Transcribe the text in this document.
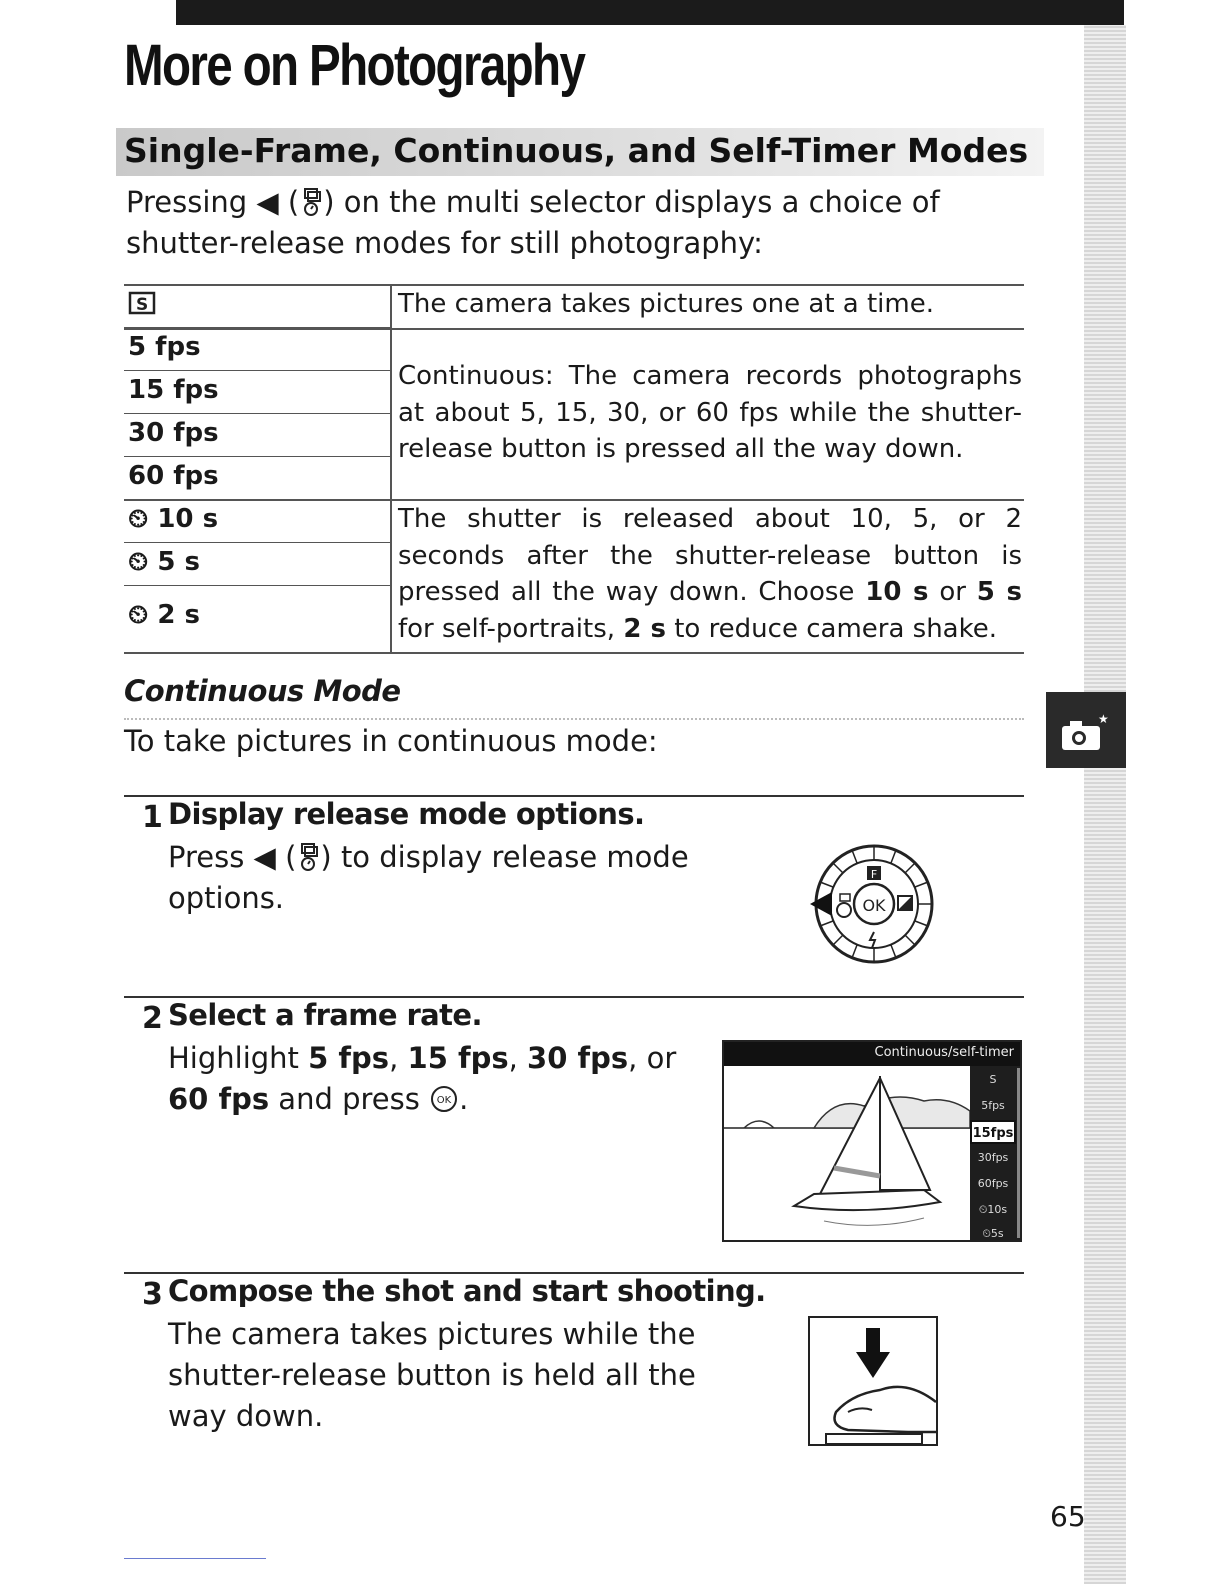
★
More on Photography
Single-Frame, Continuous, and Self-Timer Modes

Pressing ◀ ( ) on the multi selector displays a choice of shutter-release modes for still photography:

S
5 fps
15 fps
30 fps
60 fps
⏲ 10 s
⏲ 5 s
⏲ 2 s
The camera takes pictures one at a time.
Continuous: The camera records photographs at about 5, 15, 30, or 60 fps while the shutter-release button is pressed all the way down.
The shutter is released about 10, 5, or 2 seconds after the shutter-release button is pressed all the way down. Choose 10 s or 5 s for self-portraits, 2 s to reduce camera shake.
Continuous Mode

To take pictures in continuous mode:

1 Display release mode options.

Press ◀ ( ) to display release mode options.	OK
F
2 Select a frame rate.

Highlight 5 fps, 15 fps, 30 fps, or 60 fps and press OK .

Continuous/self-timer
S
5fps
15fps
30fps
60fps
⏲10s
⏲5s
3 Compose the shot and start shooting.

The camera takes pictures while the shutter-release button is held all the way down.

65
